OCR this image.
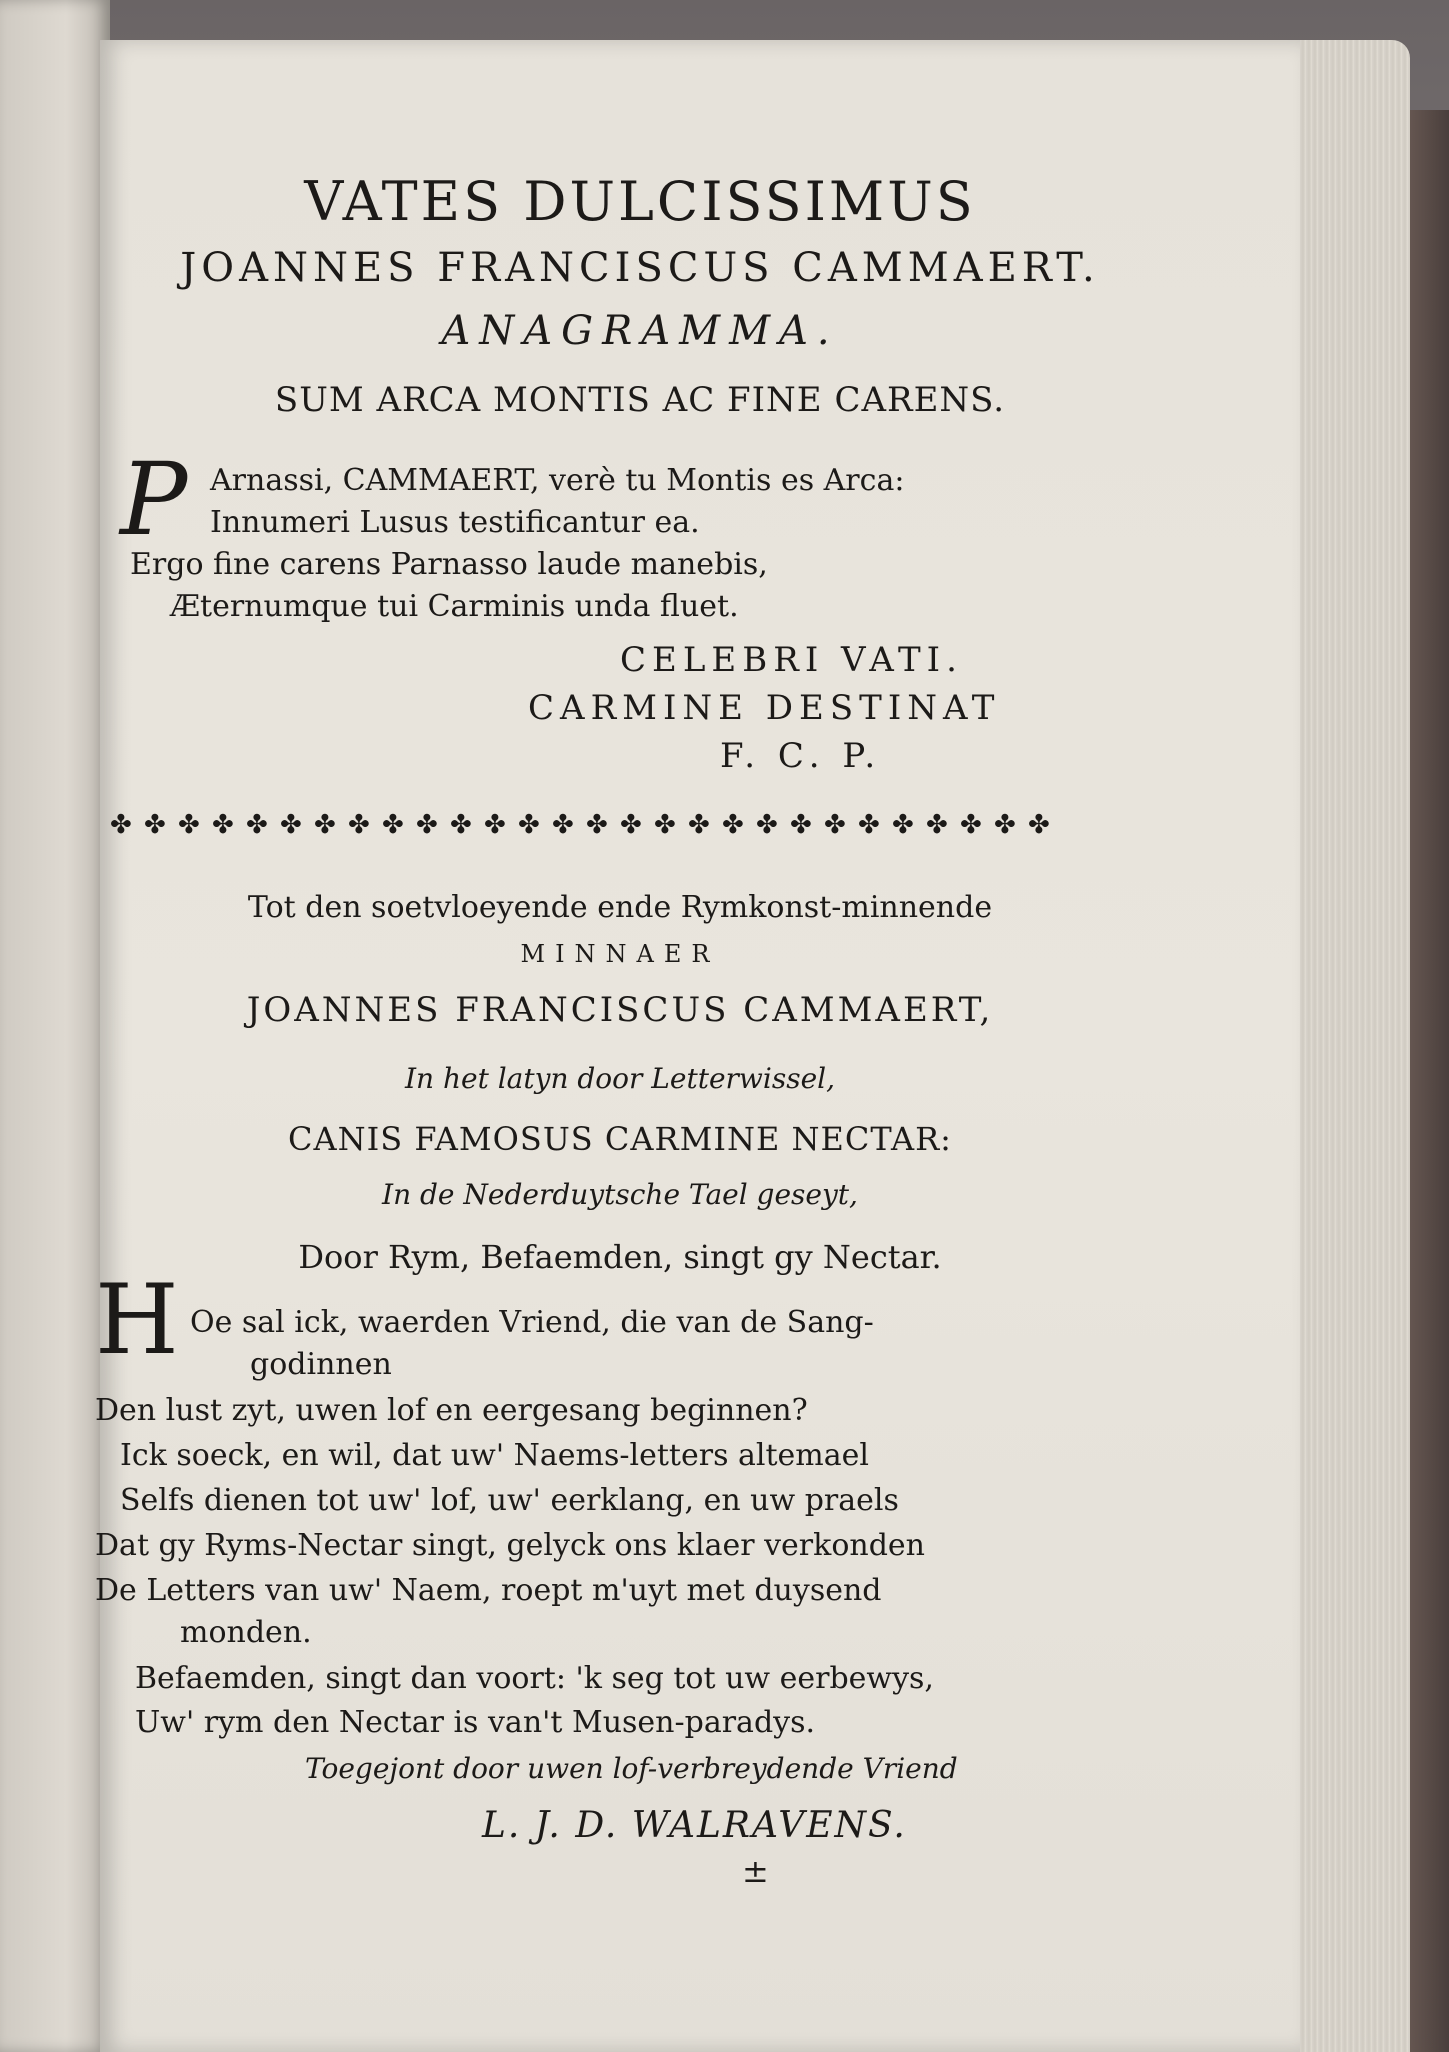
VATES DULCISSIMUS
JOANNES FRANCISCUS CAMMAERT.
ANAGRAMMA.
SUM ARCA MONTIS AC FINE CARENS.
P Arnassi, CAMMAERT, verè tu Montis es Arca:
Innumeri Lusus testificantur ea.
Ergo fine carens Parnasso laude manebis,
Æternumque tui Carminis unda fluet.
CELEBRI VATI.
CARMINE DESTINAT
F. C. P.
✤ ✤ ✤ ✤ ✤ ✤ ✤ ✤ ✤ ✤ ✤ ✤ ✤ ✤ ✤ ✤ ✤ ✤ ✤ ✤ ✤ ✤ ✤ ✤ ✤ ✤ ✤ ✤
Tot den soetvloeyende ende Rymkonst-minnende
MINNAER
JOANNES FRANCISCUS CAMMAERT,
In het latyn door Letterwissel,
CANIS FAMOSUS CARMINE NECTAR:
In de Nederduytsche Tael geseyt,
Door Rym, Befaemden, singt gy Nectar.
H Oe sal ick, waerden Vriend, die van de Sang-
godinnen
Den lust zyt, uwen lof en eergesang beginnen?
Ick soeck, en wil, dat uw' Naems-letters altemael
Selfs dienen tot uw' lof, uw' eerklang, en uw praels
Dat gy Ryms-Nectar singt, gelyck ons klaer verkonden
De Letters van uw' Naem, roept m'uyt met duysend
monden.
Befaemden, singt dan voort: 'k seg tot uw eerbewys,
Uw' rym den Nectar is van't Musen-paradys.
Toegejont door uwen lof-verbreydende Vriend
L. J. D. WALRAVENS.
±
